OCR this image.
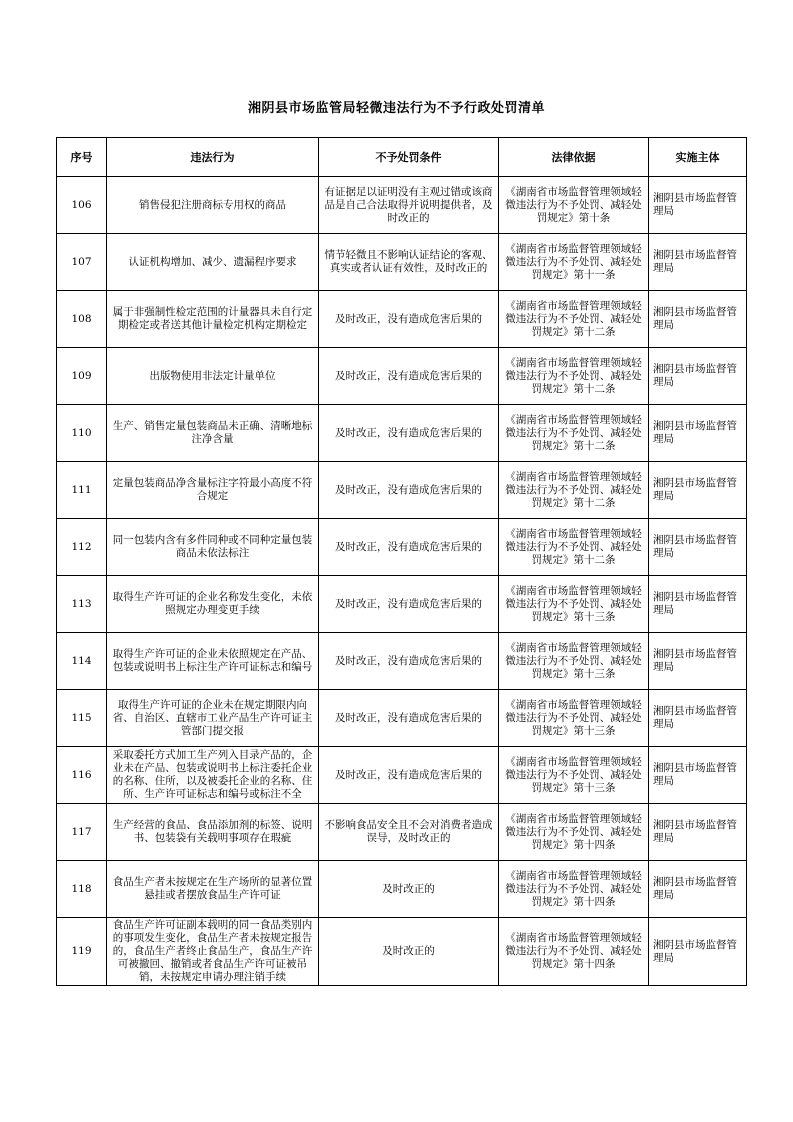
湘阴县市场监管局轻微违法行为不予行政处罚清单
序号	违法行为	不予处罚条件	法律依据	实施主体
106	销售侵犯注册商标专用权的商品	有证据足以证明没有主观过错或该商品是自己合法取得并说明提供者，及时改正的	《湖南省市场监督管理领域轻微违法行为不予处罚、减轻处罚规定》第十条	湘阴县市场监督管理局
107	认证机构增加、减少、遗漏程序要求	情节轻微且不影响认证结论的客观、真实或者认证有效性，及时改正的	《湖南省市场监督管理领域轻微违法行为不予处罚、减轻处罚规定》第十一条	湘阴县市场监督管理局
108	属于非强制性检定范围的计量器具未自行定期检定或者送其他计量检定机构定期检定	及时改正，没有造成危害后果的	《湖南省市场监督管理领域轻微违法行为不予处罚、减轻处罚规定》第十二条	湘阴县市场监督管理局
109	出版物使用非法定计量单位	及时改正，没有造成危害后果的	《湖南省市场监督管理领域轻微违法行为不予处罚、减轻处罚规定》第十二条	湘阴县市场监督管理局
110	生产、销售定量包装商品未正确、清晰地标注净含量	及时改正，没有造成危害后果的	《湖南省市场监督管理领域轻微违法行为不予处罚、减轻处罚规定》第十二条	湘阴县市场监督管理局
111	定量包装商品净含量标注字符最小高度不符合规定	及时改正，没有造成危害后果的	《湖南省市场监督管理领域轻微违法行为不予处罚、减轻处罚规定》第十二条	湘阴县市场监督管理局
112	同一包装内含有多件同种或不同种定量包装商品未依法标注	及时改正，没有造成危害后果的	《湖南省市场监督管理领域轻微违法行为不予处罚、减轻处罚规定》第十二条	湘阴县市场监督管理局
113	取得生产许可证的企业名称发生变化，未依照规定办理变更手续	及时改正，没有造成危害后果的	《湖南省市场监督管理领域轻微违法行为不予处罚、减轻处罚规定》第十三条	湘阴县市场监督管理局
114	取得生产许可证的企业未依照规定在产品、包装或说明书上标注生产许可证标志和编号	及时改正，没有造成危害后果的	《湖南省市场监督管理领域轻微违法行为不予处罚、减轻处罚规定》第十三条	湘阴县市场监督管理局
115	取得生产许可证的企业未在规定期限内向省、自治区、直辖市工业产品生产许可证主管部门提交报	及时改正，没有造成危害后果的	《湖南省市场监督管理领域轻微违法行为不予处罚、减轻处罚规定》第十三条	湘阴县市场监督管理局
116	采取委托方式加工生产列入目录产品的，企业未在产品、包装或说明书上标注委托企业的名称、住所，以及被委托企业的名称、住所、生产许可证标志和编号或标注不全	及时改正，没有造成危害后果的	《湖南省市场监督管理领域轻微违法行为不予处罚、减轻处罚规定》第十三条	湘阴县市场监督管理局
117	生产经营的食品、食品添加剂的标签、说明书、包装袋有关载明事项存在瑕疵	不影响食品安全且不会对消费者造成误导，及时改正的	《湖南省市场监督管理领域轻微违法行为不予处罚、减轻处罚规定》第十四条	湘阴县市场监督管理局
118	食品生产者未按规定在生产场所的显著位置悬挂或者摆放食品生产许可证	及时改正的	《湖南省市场监督管理领域轻微违法行为不予处罚、减轻处罚规定》第十四条	湘阴县市场监督管理局
119	食品生产许可证副本载明的同一食品类别内的事项发生变化，食品生产者未按规定报告的，食品生产者终止食品生产，食品生产许可被撤回、撤销或者食品生产许可证被吊销，未按规定申请办理注销手续	及时改正的	《湖南省市场监督管理领域轻微违法行为不予处罚、减轻处罚规定》第十四条	湘阴县市场监督管理局
